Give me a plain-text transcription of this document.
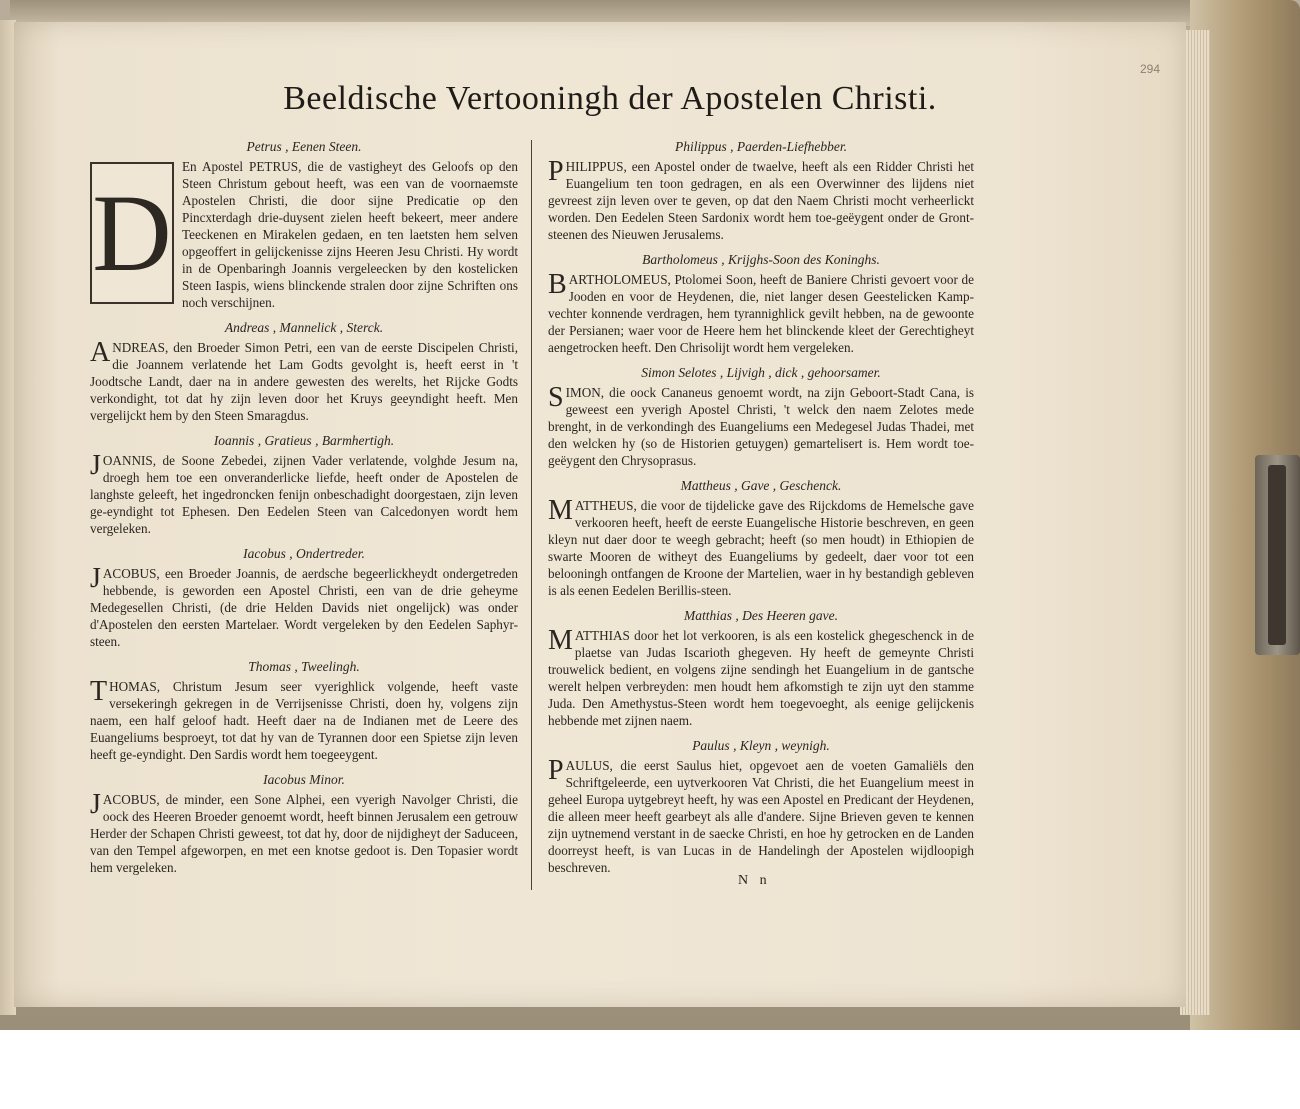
294
Beeldische Vertooningh der Apostelen Christi.
Petrus , Eenen Steen.
D

En Apostel PETRUS, die de vastigheyt des Geloofs op den Steen Christum gebout heeft, was een van de voornaemste Apostelen Christi, die door sijne Predicatie op den Pincxterdagh drie-duysent zielen heeft bekeert, meer andere Teeckenen en Mirakelen gedaen, en ten laetsten hem selven opgeoffert in gelijckenisse zijns Heeren Jesu Christi. Hy wordt in de Openbaringh Joannis vergeleecken by den kostelicken Steen Iaspis, wiens blinckende stralen door zijne Schriften ons noch verschijnen.

Andreas , Mannelick , Sterck.
A NDREAS, den Broeder Simon Petri, een van de eerste Discipelen Christi, die Joannem verlatende het Lam Godts gevolght is, heeft eerst in 't Joodtsche Landt, daer na in andere gewesten des werelts, het Rijcke Godts verkondight, tot dat hy zijn leven door het Kruys geeyndight heeft. Men vergelijckt hem by den Steen Smaragdus.

Ioannis , Gratieus , Barmhertigh.
J OANNIS, de Soone Zebedei, zijnen Vader verlatende, volghde Jesum na, droegh hem toe een onveranderlicke liefde, heeft onder de Apostelen de langhste geleeft, het ingedroncken fenijn onbeschadight doorgestaen, zijn leven ge-eyndight tot Ephesen. Den Eedelen Steen van Calcedonyen wordt hem vergeleken.

Iacobus , Ondertreder.
J ACOBUS, een Broeder Joannis, de aerdsche begeerlickheydt ondergetreden hebbende, is geworden een Apostel Christi, een van de drie geheyme Medegesellen Christi, (de drie Helden Davids niet ongelijck) was onder d'Apostelen den eersten Martelaer. Wordt vergeleken by den Eedelen Saphyr-steen.

Thomas , Tweelingh.
T HOMAS, Christum Jesum seer vyerighlick volgende, heeft vaste versekeringh gekregen in de Verrijsenisse Christi, doen hy, volgens zijn naem, een half geloof hadt. Heeft daer na de Indianen met de Leere des Euangeliums besproeyt, tot dat hy van de Tyrannen door een Spietse zijn leven heeft ge-eyndight. Den Sardis wordt hem toegeeygent.

Iacobus Minor.
J ACOBUS, de minder, een Sone Alphei, een vyerigh Navolger Christi, die oock des Heeren Broeder genoemt wordt, heeft binnen Jerusalem een getrouw Herder der Schapen Christi geweest, tot dat hy, door de nijdigheyt der Saduceen, van den Tempel afgeworpen, en met een knotse gedoot is. Den Topasier wordt hem vergeleken.

Philippus , Paerden-Liefhebber.
P HILIPPUS, een Apostel onder de twaelve, heeft als een Ridder Christi het Euangelium ten toon gedragen, en als een Overwinner des lijdens niet gevreest zijn leven over te geven, op dat den Naem Christi mocht verheerlickt worden. Den Eedelen Steen Sardonix wordt hem toe-geëygent onder de Gront-steenen des Nieuwen Jerusalems.

Bartholomeus , Krijghs-Soon des Koninghs.
B ARTHOLOMEUS, Ptolomei Soon, heeft de Baniere Christi gevoert voor de Jooden en voor de Heydenen, die, niet langer desen Geestelicken Kamp-vechter konnende verdragen, hem tyrannighlick gevilt hebben, na de gewoonte der Persianen; waer voor de Heere hem het blinckende kleet der Gerechtigheyt aengetrocken heeft. Den Chrisolijt wordt hem vergeleken.

Simon Selotes , Lijvigh , dick , gehoorsamer.
S IMON, die oock Cananeus genoemt wordt, na zijn Geboort-Stadt Cana, is geweest een yverigh Apostel Christi, 't welck den naem Zelotes mede brenght, in de verkondingh des Euangeliums een Medegesel Judas Thadei, met den welcken hy (so de Historien getuygen) gemartelisert is. Hem wordt toe-geëygent den Chrysoprasus.

Mattheus , Gave , Geschenck.
M ATTHEUS, die voor de tijdelicke gave des Rijckdoms de Hemelsche gave verkooren heeft, heeft de eerste Euangelische Historie beschreven, en geen kleyn nut daer door te weegh gebracht; heeft (so men houdt) in Ethiopien de swarte Mooren de witheyt des Euangeliums by gedeelt, daer voor tot een belooningh ontfangen de Kroone der Martelien, waer in hy bestandigh gebleven is als eenen Eedelen Berillis-steen.

Matthias , Des Heeren gave.
M ATTHIAS door het lot verkooren, is als een kostelick ghegeschenck in de plaetse van Judas Iscarioth ghegeven. Hy heeft de gemeynte Christi trouwelick bedient, en volgens zijne sendingh het Euangelium in de gantsche werelt helpen verbreyden: men houdt hem afkomstigh te zijn uyt den stamme Juda. Den Amethystus-Steen wordt hem toegevoeght, als eenige gelijckenis hebbende met zijnen naem.

Paulus , Kleyn , weynigh.
P AULUS, die eerst Saulus hiet, opgevoet aen de voeten Gamaliëls den Schriftgeleerde, een uytverkooren Vat Christi, die het Euangelium meest in geheel Europa uytgebreyt heeft, hy was een Apostel en Predicant der Heydenen, die alleen meer heeft gearbeyt als alle d'andere. Sijne Brieven geven te kennen zijn uytnemend verstant in de saecke Christi, en hoe hy getrocken en de Landen doorreyst heeft, is van Lucas in de Handelingh der Apostelen wijdloopigh beschreven.

N n
